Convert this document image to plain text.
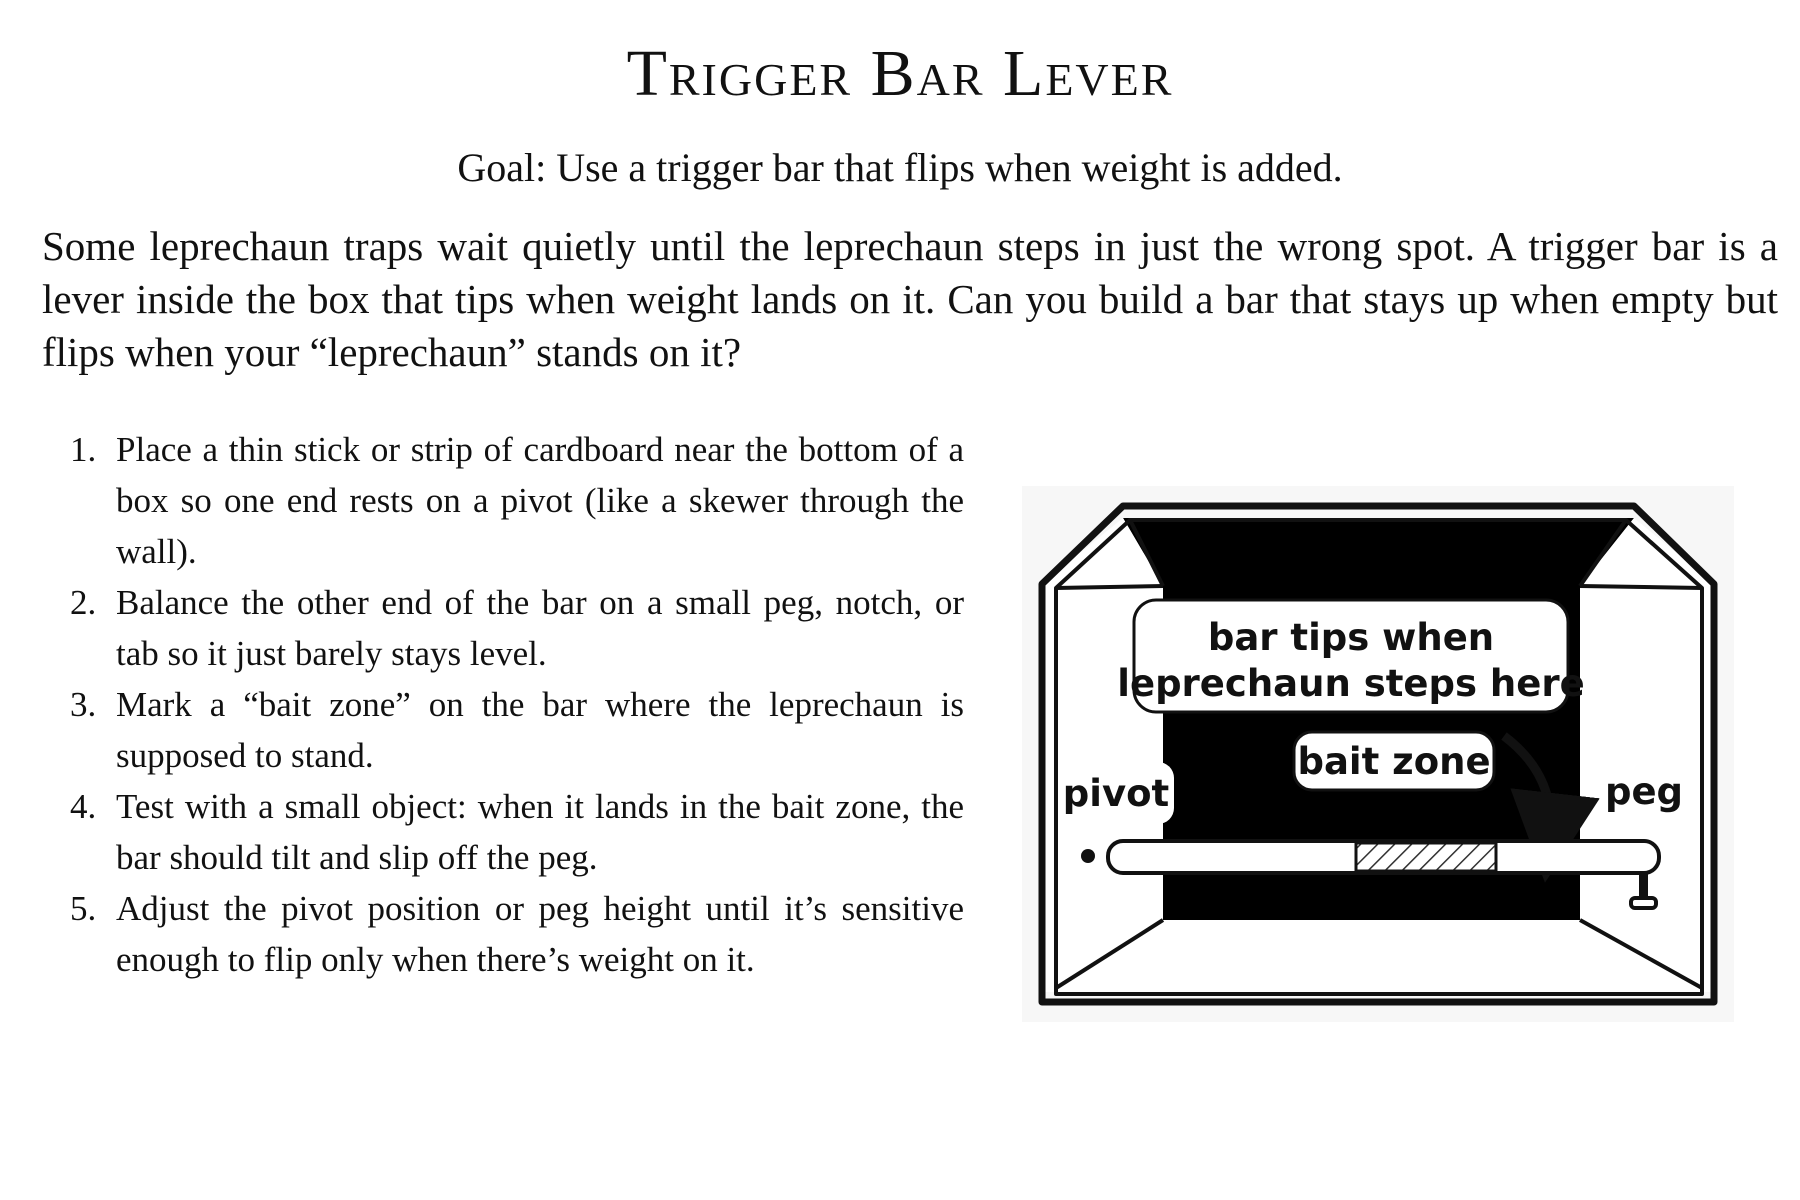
Trigger Bar Lever

Goal: Use a trigger bar that flips when weight is added.

Some leprechaun traps wait quietly until the leprechaun steps in just the wrong spot. A trigger bar is a lever inside the box that tips when weight lands on it. Can you build a bar that stays up when empty but flips when your “leprechaun” stands on it?

1. Place a thin stick or strip of cardboard near the bottom of a box so one end rests on a pivot (like a skewer through the wall).
2. Balance the other end of the bar on a small peg, notch, or tab so it just barely stays level.
3. Mark a “bait zone” on the bar where the leprechaun is supposed to stand.
4. Test with a small object: when it lands in the bait zone, the bar should tilt and slip off the peg.
5. Adjust the pivot position or peg height until it’s sensitive enough to flip only when there’s weight on it.
bar tips when
leprechaun steps here
bait zone
pivot	peg
